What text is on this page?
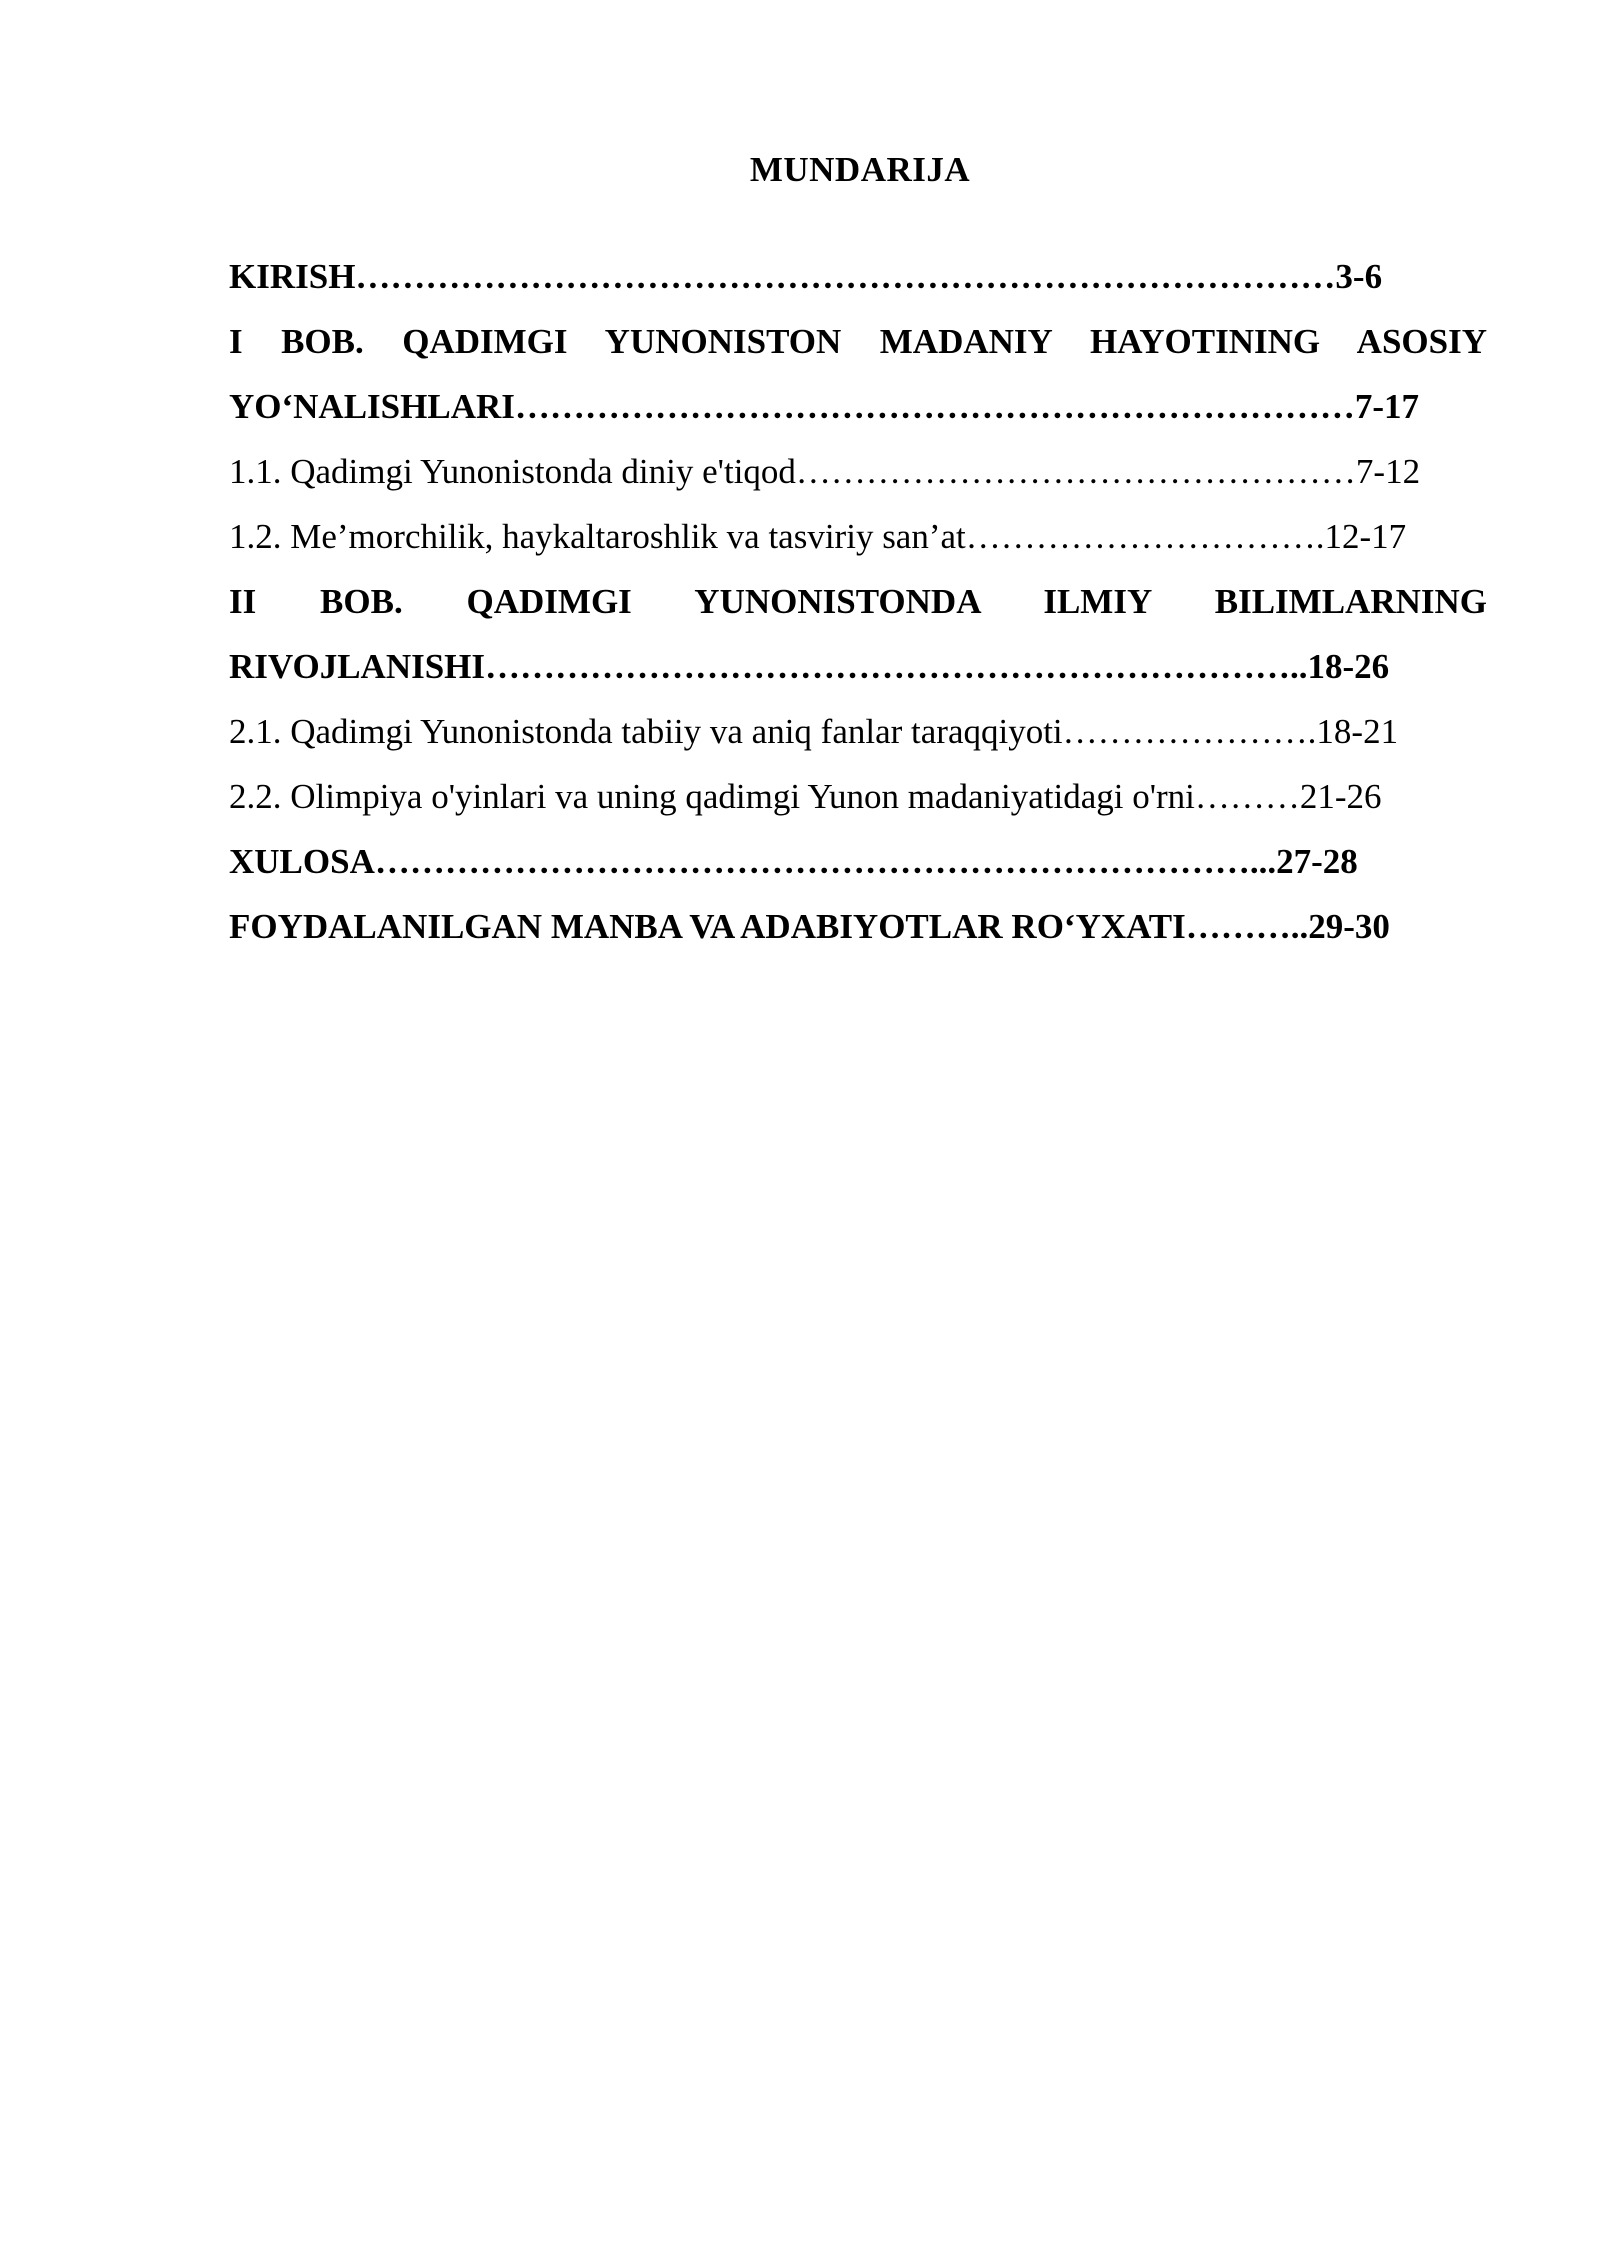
MUNDARIJA
KIRISH…………………………………………………………………………3-6
I BOB. QADIMGI YUNONISTON MADANIY HAYOTINING ASOSIY
YO‘NALISHLARI………………………………………………………………7-17
1.1. Qadimgi Yunonistonda diniy e'tiqod…………………………………………7-12
1.2. Me’morchilik, haykaltaroshlik va tasviriy san’at………………………….12-17
II BOB. QADIMGI YUNONISTONDA ILMIY BILIMLARNING
RIVOJLANISHI……………………………………………………………..18-26
2.1. Qadimgi Yunonistonda tabiiy va aniq fanlar taraqqiyoti………………….18-21
2.2. Olimpiya o'yinlari va uning qadimgi Yunon madaniyatidagi o'rni………21-26
XULOSA…………………………………………………………………...27-28
FOYDALANILGAN MANBA VA ADABIYOTLAR RO‘YXATI………..29-30
